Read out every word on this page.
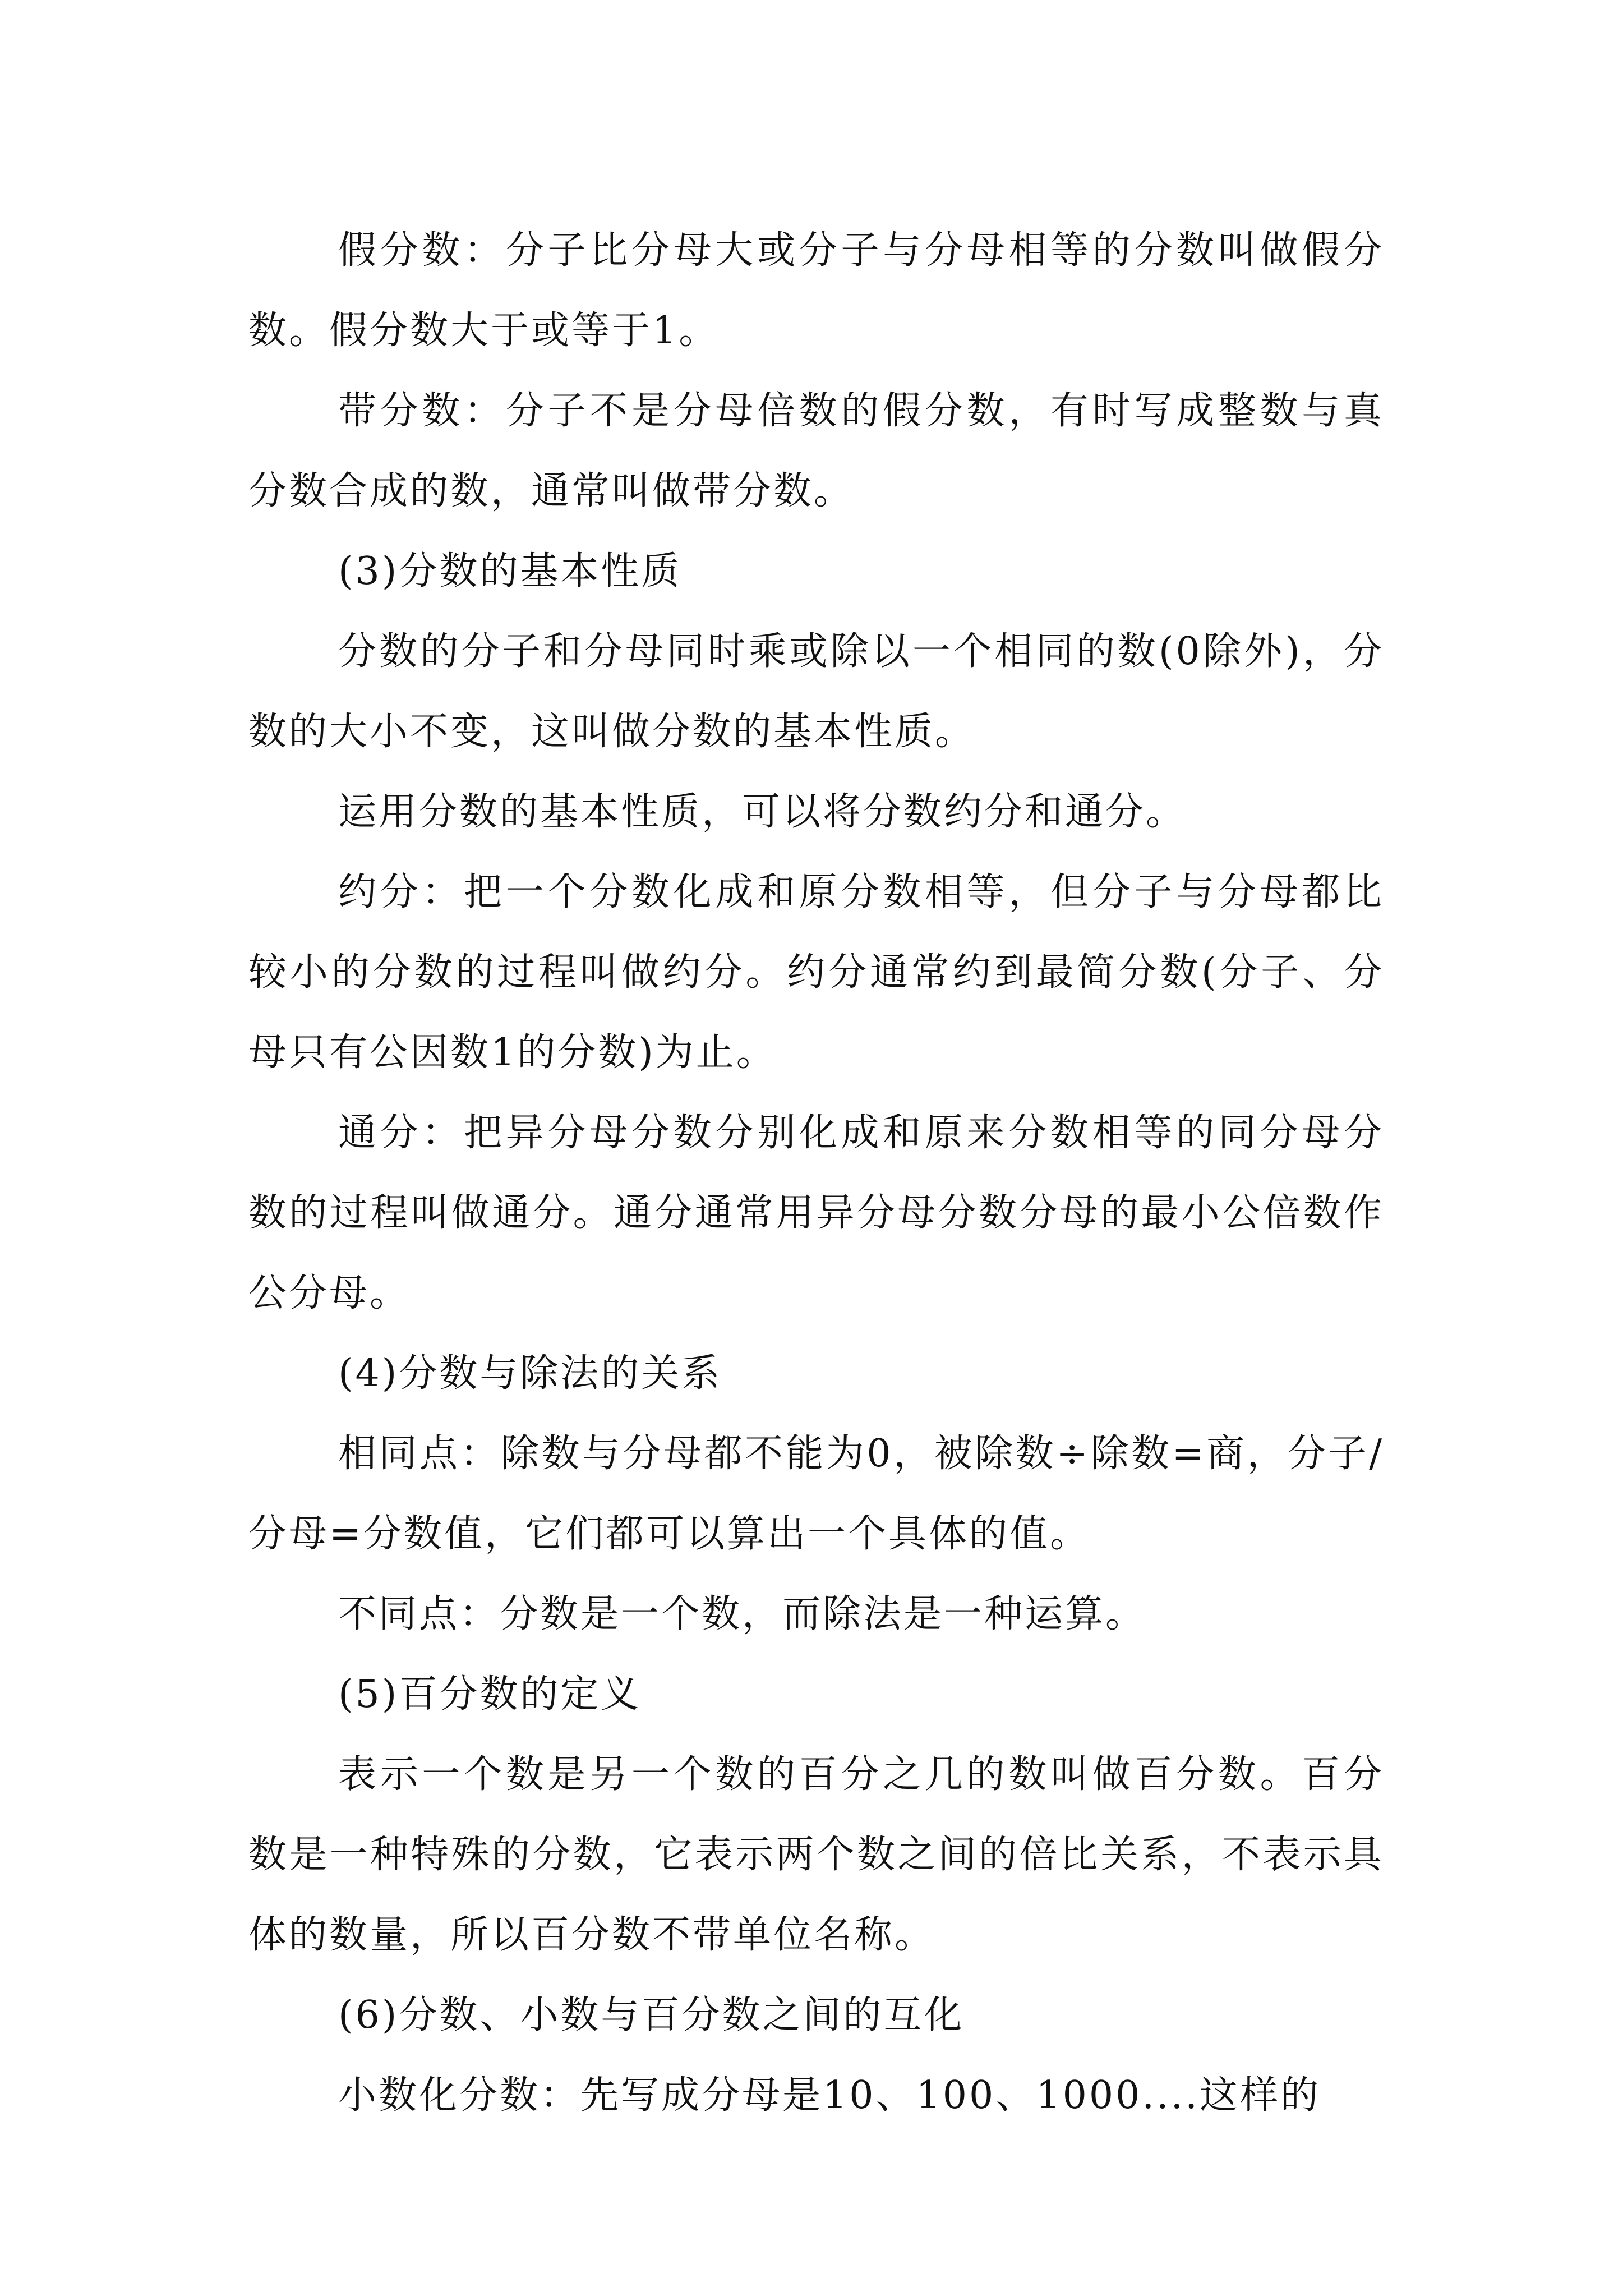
假分数：分子比分母大或分子与分母相等的分数叫做假分数。假分数大于或等于1。

带分数：分子不是分母倍数的假分数，有时写成整数与真分数合成的数，通常叫做带分数。

(3)分数的基本性质

分数的分子和分母同时乘或除以一个相同的数(0除外)，分数的大小不变，这叫做分数的基本性质。

运用分数的基本性质，可以将分数约分和通分。

约分：把一个分数化成和原分数相等，但分子与分母都比较小的分数的过程叫做约分。约分通常约到最简分数(分子、分母只有公因数1的分数)为止。

通分：把异分母分数分别化成和原来分数相等的同分母分数的过程叫做通分。通分通常用异分母分数分母的最小公倍数作公分母。

(4)分数与除法的关系

相同点：除数与分母都不能为0，被除数÷除数=商，分子/分母=分数值，它们都可以算出一个具体的值。

不同点：分数是一个数，而除法是一种运算。

(5)百分数的定义

表示一个数是另一个数的百分之几的数叫做百分数。百分数是一种特殊的分数，它表示两个数之间的倍比关系，不表示具体的数量，所以百分数不带单位名称。

(6)分数、小数与百分数之间的互化

小数化分数：先写成分母是10、100、1000....这样的
